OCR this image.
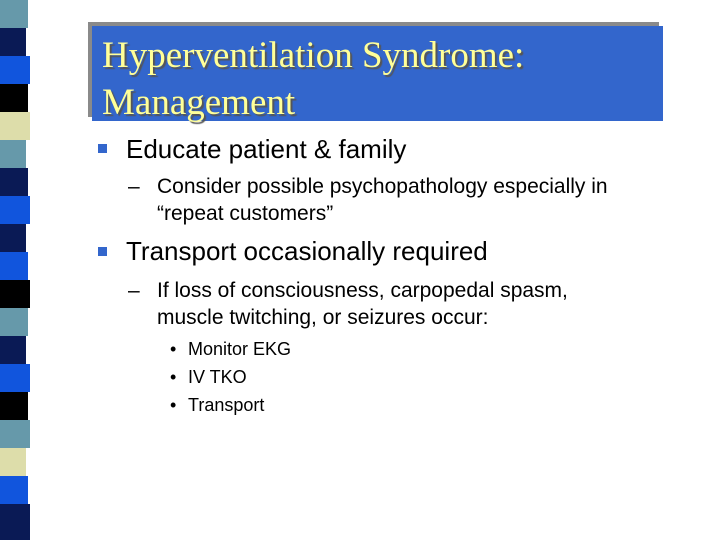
Hyperventilation Syndrome: Management

Educate patient & family

– Consider possible psychopathology especially in “repeat customers”

Transport occasionally required

– If loss of consciousness, carpopedal spasm, muscle twitching, or seizures occur:

• Monitor EKG

• IV TKO

• Transport
